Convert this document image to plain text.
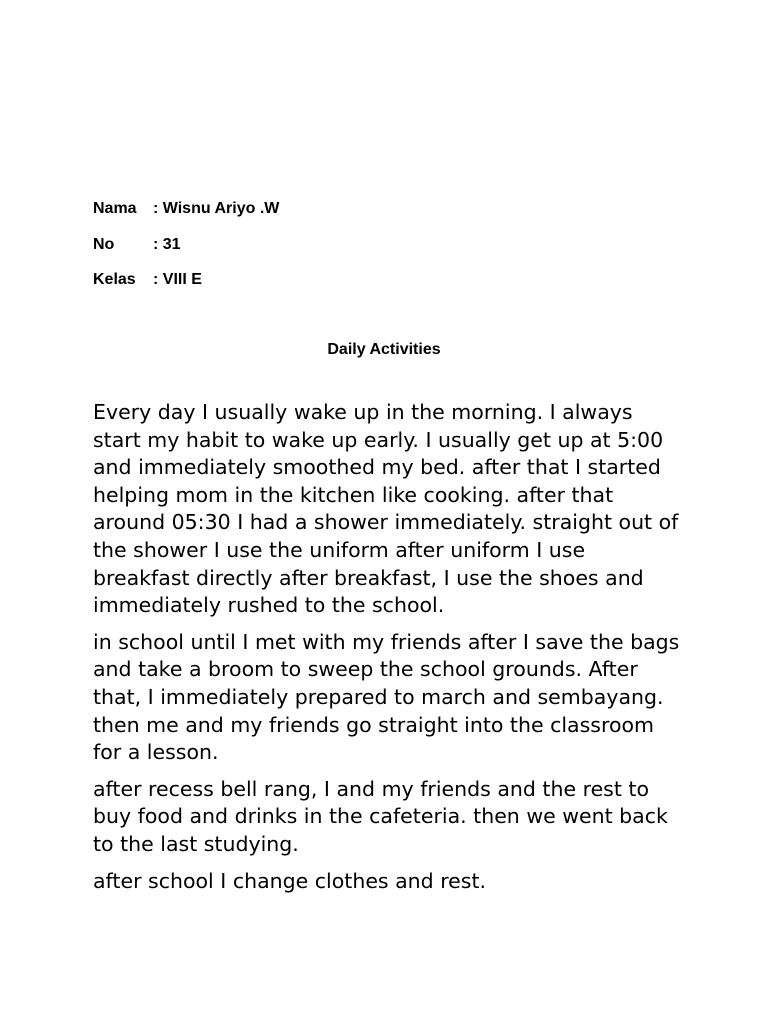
Nama : Wisnu Ariyo .W
No : 31
Kelas : VIII E
Daily Activities

Every day I usually wake up in the morning. I always start my habit to wake up early. I usually get up at 5:00 and immediately smoothed my bed. after that I started helping mom in the kitchen like cooking. after that around 05:30 I had a shower immediately. straight out of the shower I use the uniform after uniform I use breakfast directly after breakfast, I use the shoes and immediately rushed to the school.

in school until I met with my friends after I save the bags and take a broom to sweep the school grounds. After that, I immediately prepared to march and sembayang. then me and my friends go straight into the classroom for a lesson.

after recess bell rang, I and my friends and the rest to buy food and drinks in the cafeteria. then we went back to the last studying.

after school I change clothes and rest.
